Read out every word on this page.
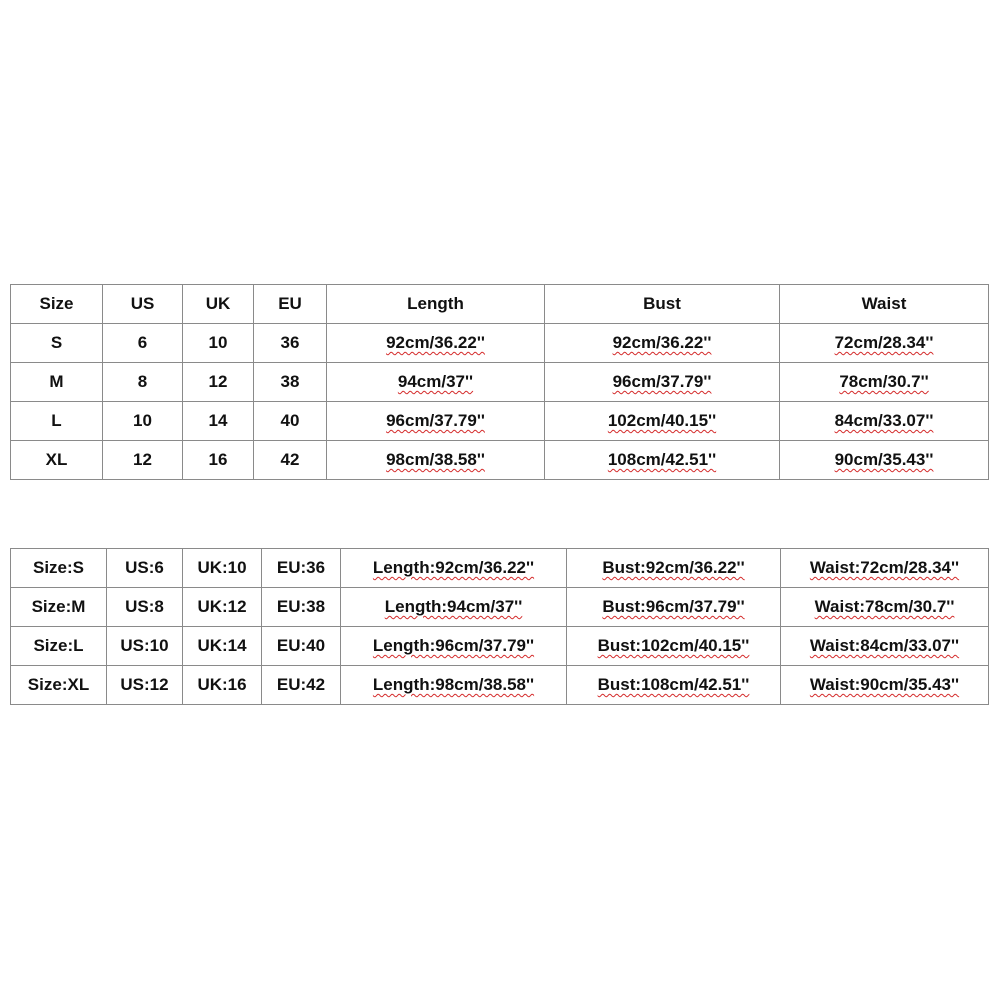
Size	US	UK	EU	Length	Bust	Waist
S	6	10	36	92cm/36.22''	92cm/36.22''	72cm/28.34''
M	8	12	38	94cm/37''	96cm/37.79''	78cm/30.7''
L	10	14	40	96cm/37.79''	102cm/40.15''	84cm/33.07''
XL	12	16	42	98cm/38.58''	108cm/42.51''	90cm/35.43''
Size:S	US:6	UK:10	EU:36	Length:92cm/36.22''	Bust:92cm/36.22''	Waist:72cm/28.34''
Size:M	US:8	UK:12	EU:38	Length:94cm/37''	Bust:96cm/37.79''	Waist:78cm/30.7''
Size:L	US:10	UK:14	EU:40	Length:96cm/37.79''	Bust:102cm/40.15''	Waist:84cm/33.07''
Size:XL	US:12	UK:16	EU:42	Length:98cm/38.58''	Bust:108cm/42.51''	Waist:90cm/35.43''
